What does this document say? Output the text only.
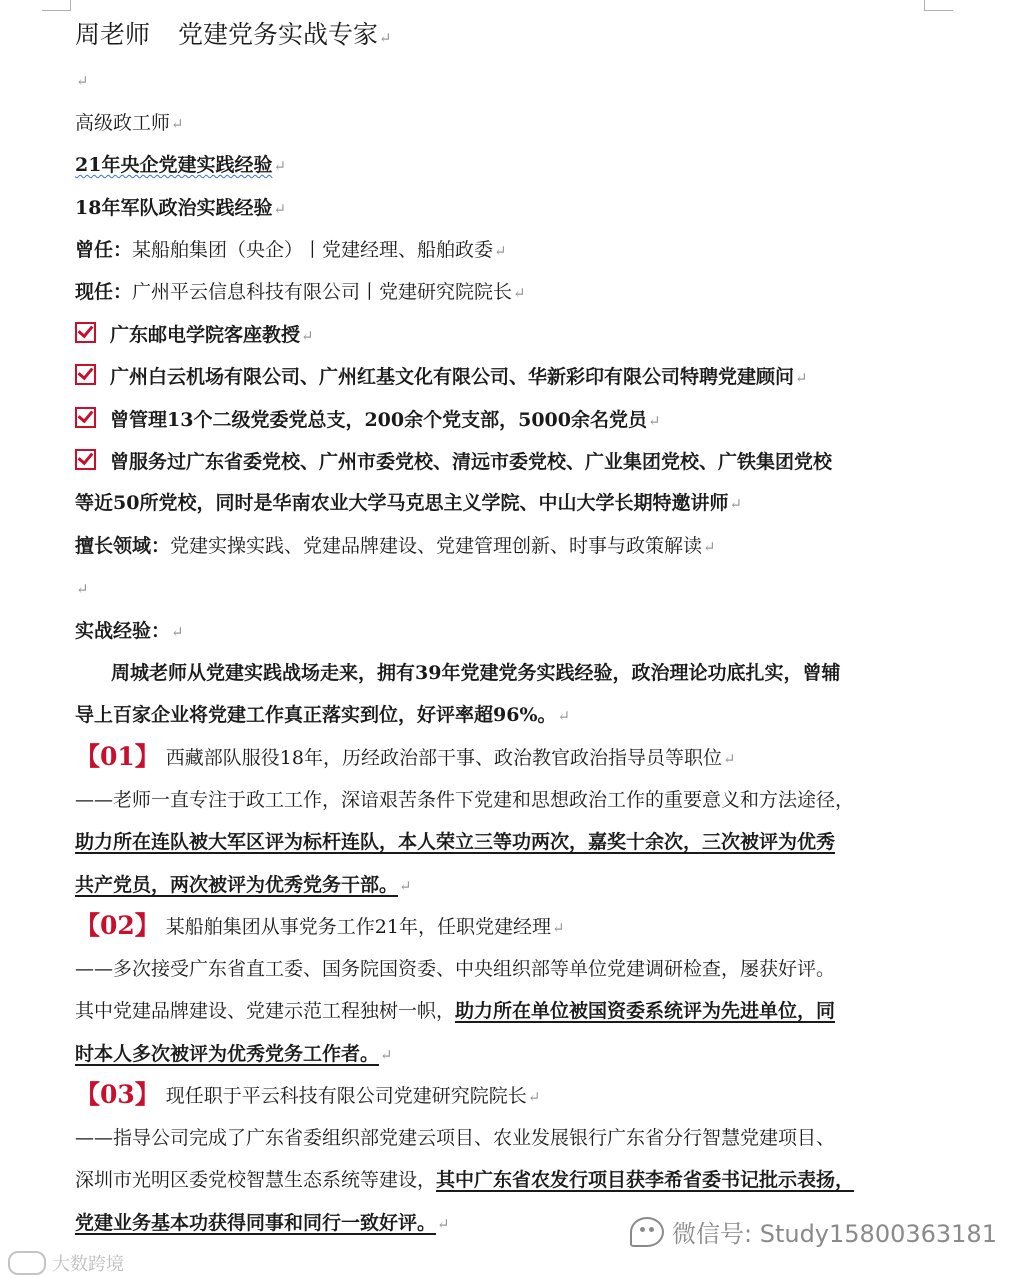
周老师 党建党务实战专家↵
↵
高级政工师↵
21年央企党建实践经验↵
18年军队政治实践经验↵
曾任：某船舶集团（央企）丨党建经理、船舶政委↵
现任：广州平云信息科技有限公司丨党建研究院院长↵
广东邮电学院客座教授↵
广州白云机场有限公司、广州红基文化有限公司、华新彩印有限公司特聘党建顾问↵
曾管理13个二级党委党总支，200余个党支部，5000余名党员↵
曾服务过广东省委党校、广州市委党校、清远市委党校、广业集团党校、广铁集团党校
等近50所党校，同时是华南农业大学马克思主义学院、中山大学长期特邀讲师↵
擅长领域：党建实操实践、党建品牌建设、党建管理创新、时事与政策解读↵
↵
实战经验：↵
周城老师从党建实践战场走来，拥有39年党建党务实践经验，政治理论功底扎实，曾辅
导上百家企业将党建工作真正落实到位，好评率超96%。↵
【01】 西藏部队服役18年，历经政治部干事、政治教官政治指导员等职位↵
——老师一直专注于政工工作，深谙艰苦条件下党建和思想政治工作的重要意义和方法途径，
助力所在连队被大军区评为标杆连队，本人荣立三等功两次，嘉奖十余次，三次被评为优秀
共产党员，两次被评为优秀党务干部。↵
【02】 某船舶集团从事党务工作21年，任职党建经理↵
——多次接受广东省直工委、国务院国资委、中央组织部等单位党建调研检查，屡获好评。
其中党建品牌建设、党建示范工程独树一帜，助力所在单位被国资委系统评为先进单位，同
时本人多次被评为优秀党务工作者。↵
【03】 现任职于平云科技有限公司党建研究院院长↵
——指导公司完成了广东省委组织部党建云项目、农业发展银行广东省分行智慧党建项目、
深圳市光明区委党校智慧生态系统等建设，其中广东省农发行项目获李希省委书记批示表扬，
党建业务基本功获得同事和同行一致好评。↵	微信号: Study15800363181
大数跨境
